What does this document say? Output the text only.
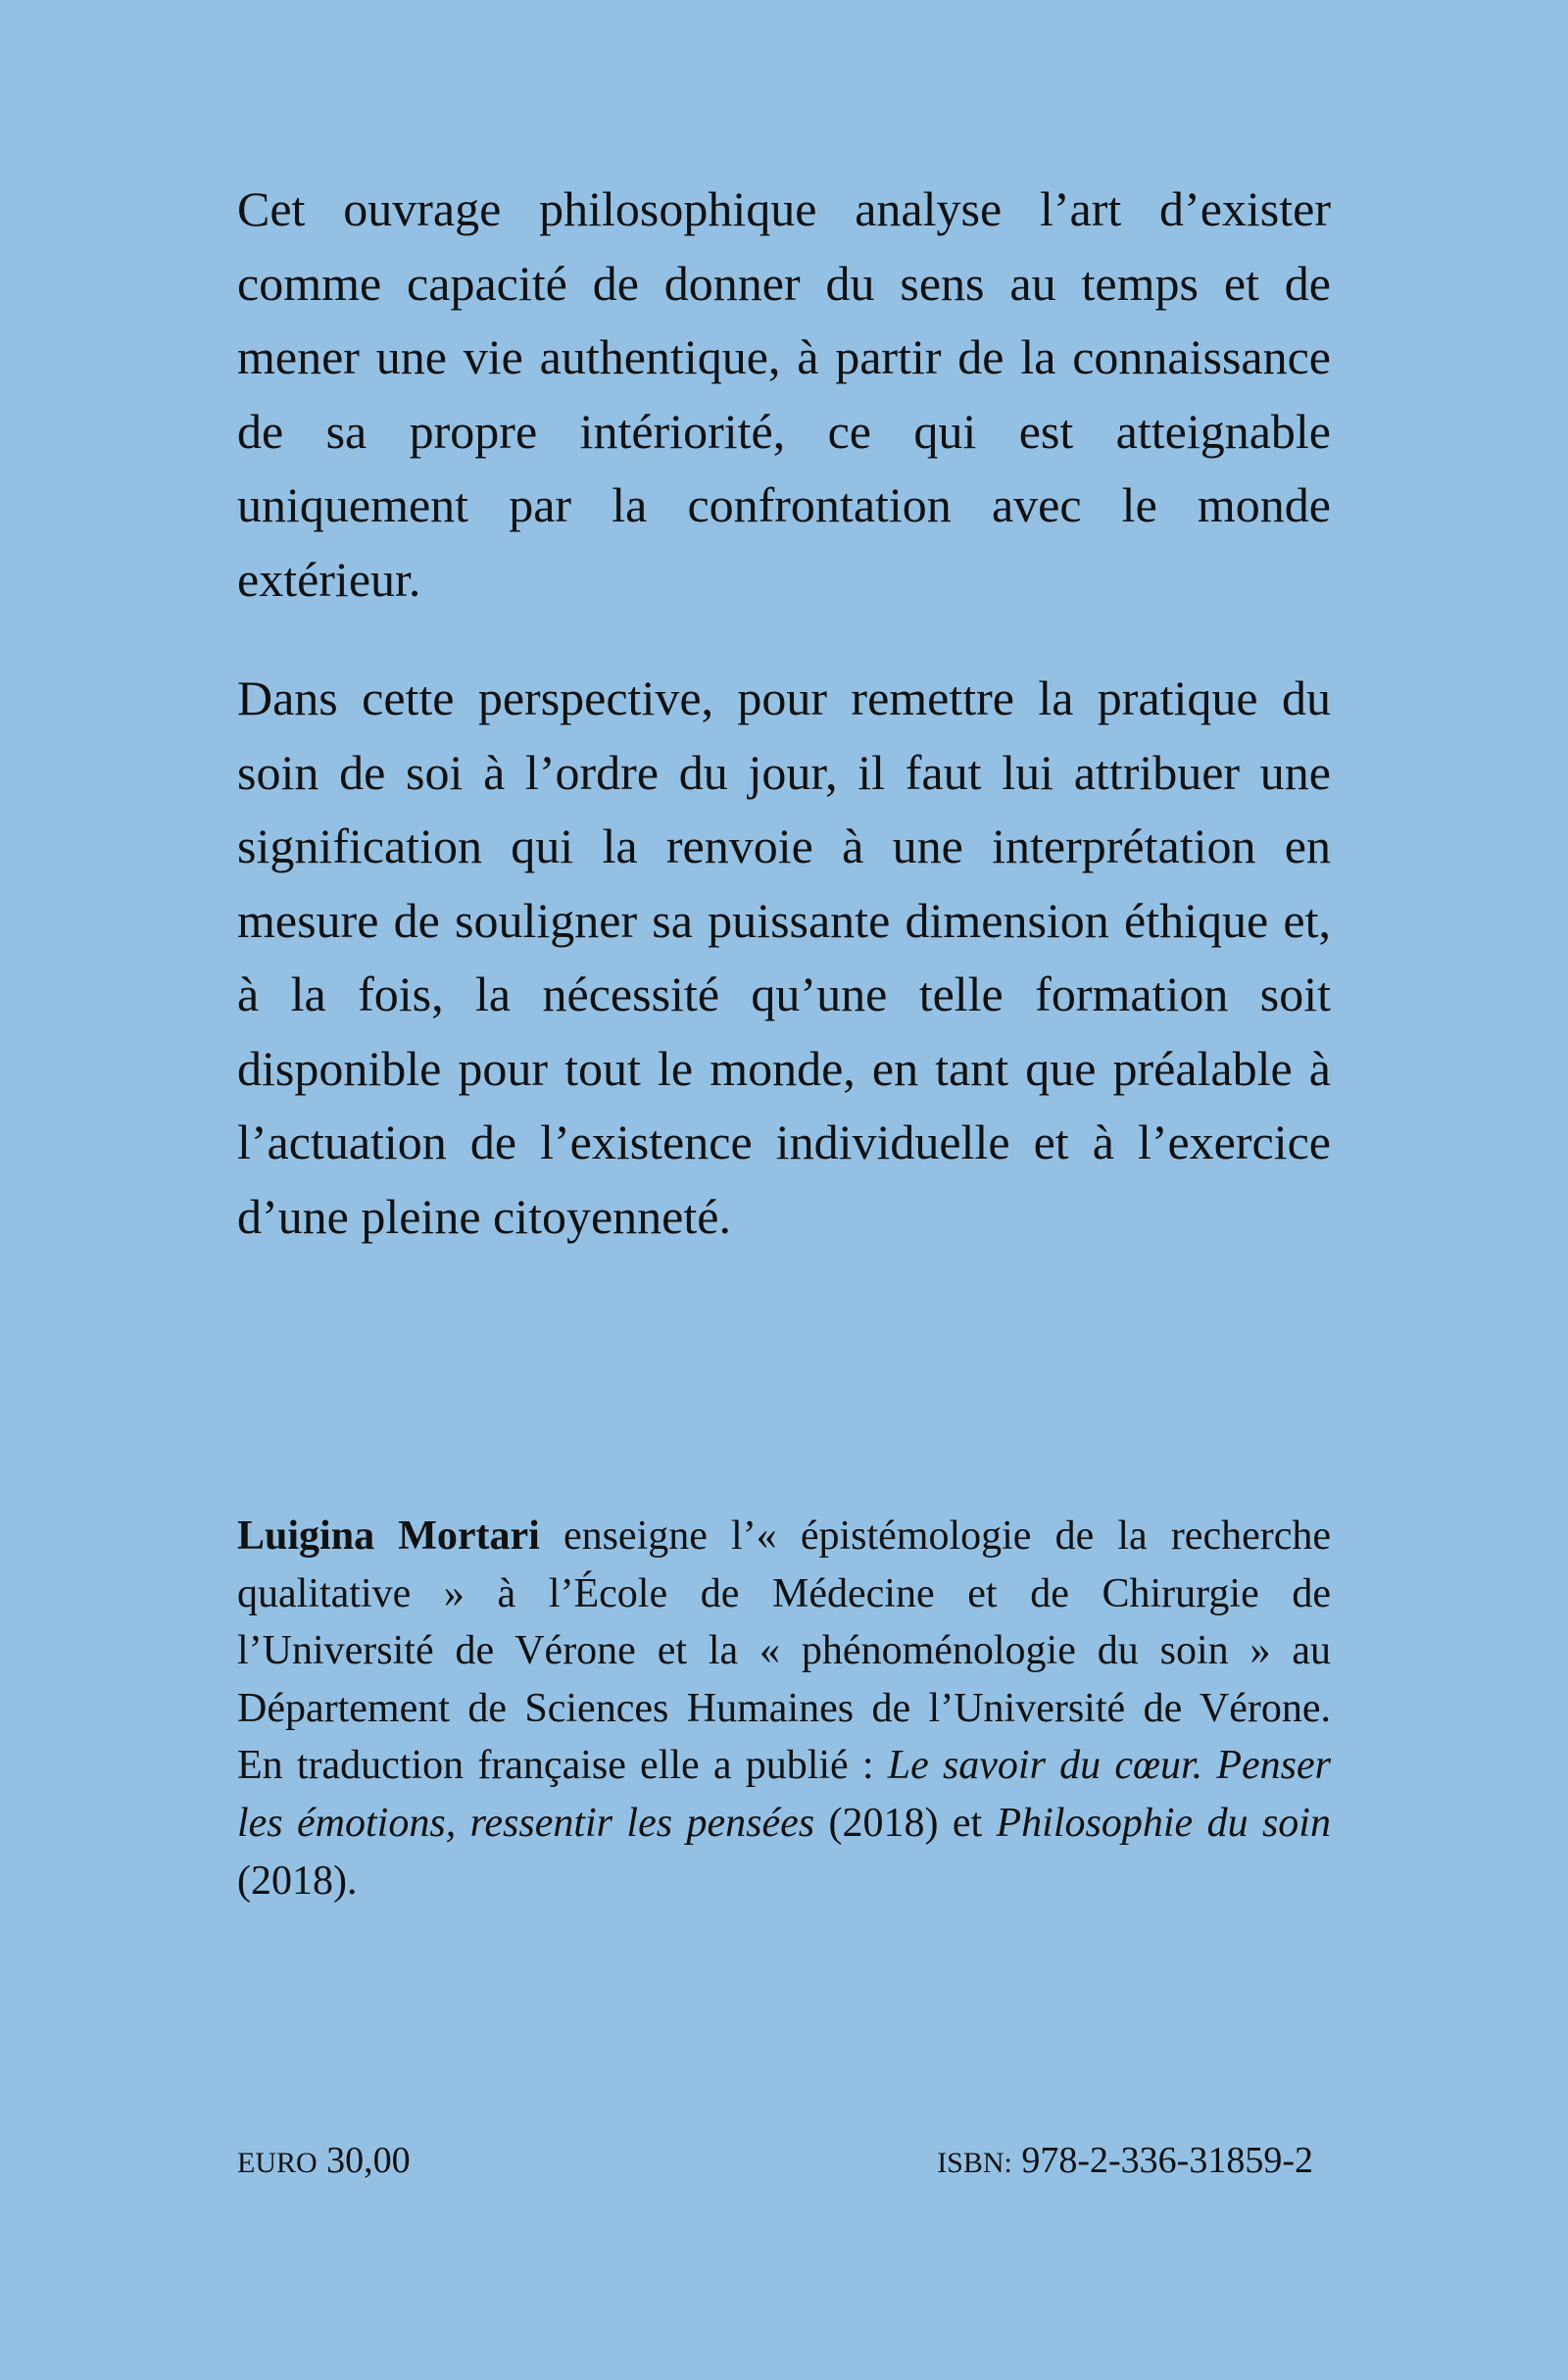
Cet ouvrage philosophique analyse l’art d’exister comme capacité de donner du sens au temps et de mener une vie authentique, à partir de la connaissance de sa propre intériorité, ce qui est atteignable uniquement par la confrontation avec le monde extérieur.

Dans cette perspective, pour remettre la pratique du soin de soi à l’ordre du jour, il faut lui attribuer une signification qui la renvoie à une interprétation en mesure de souligner sa puissante dimension éthique et, à la fois, la nécessité qu’une telle formation soit disponible pour tout le monde, en tant que préalable à l’actuation de l’existence individuelle et à l’exercice d’une pleine citoyenneté.

Luigina Mortari enseigne l’« épistémologie de la recherche qualitative » à l’École de Médecine et de Chirurgie de l’Université de Vérone et la « phénoménologie du soin » au Département de Sciences Humaines de l’Université de Vérone. En traduction française elle a publié : Le savoir du cœur. Penser les émotions, ressentir les pensées (2018) et Philosophie du soin (2018).

EURO 30,00	ISBN: 978-2-336-31859-2
